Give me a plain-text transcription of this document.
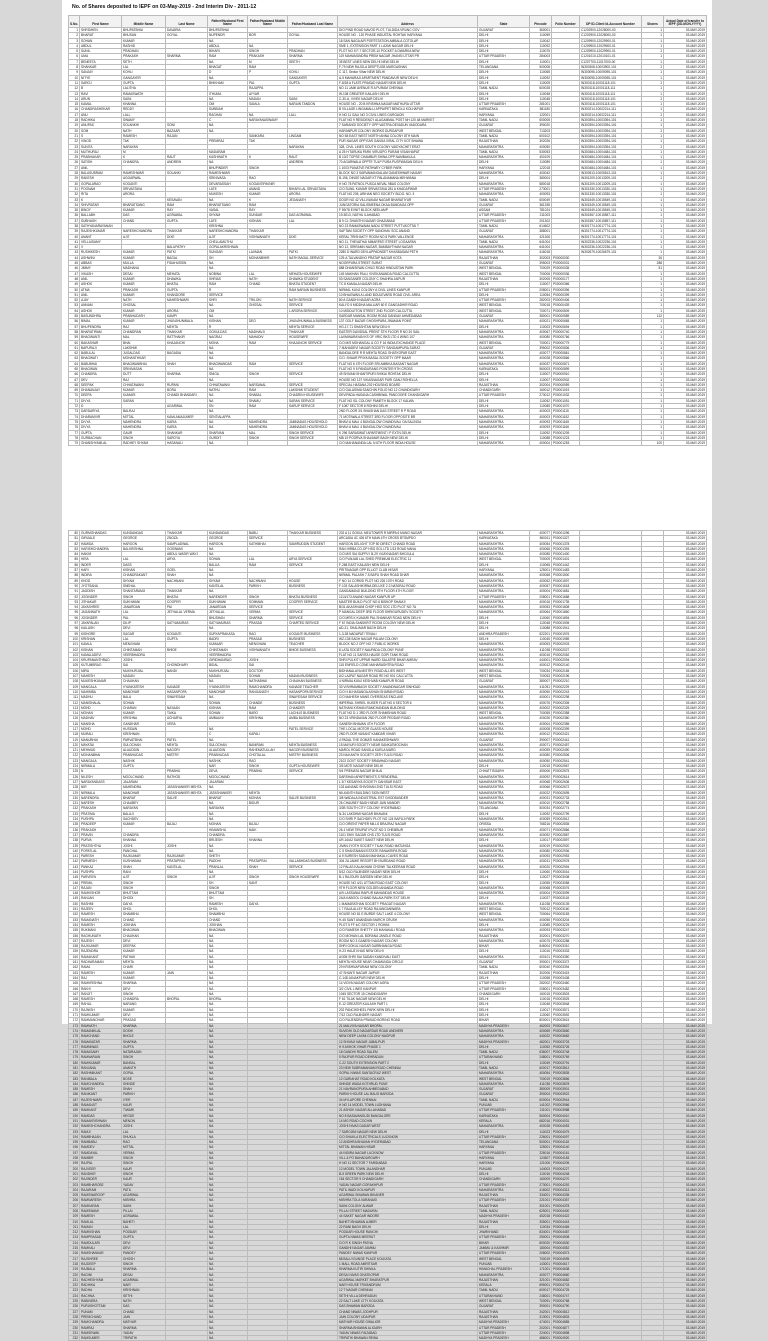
No. of Shares deposited to IEPF on 03-May-2019 - 2nd Interim Div - 2011-12
S.No.	First Name	Middle Name	Last Name	Father/Husband First Name	Father/Husband Middle Name	Father/Husband Last Name	Address	State	Pincode	Folio Number	DP ID-Client Id-Account Number	Shares	Actual Date of transfer to IEPF (DD-MON-YYYY)
1	SHRIDHEN	BHUPATBHAI	DAVARIA	BHUPATBHAI			DIO PIND ROAD NAVOD PLOT, TULDIDA VRUNC GOV	GUJARAT	360001		C1202900-12028000-00	1	03-MAY-2019
2	BHARAT	BHUSAN	GOYAL	NUPENDR	BOR	GOYAL	HOUSE NO - 120 PHASE INDUSTAL ROHTAK HARYANA	DELHI	110059		C1202900-12028000-00	1	03-MAY-2019
3	SOHAN	KUMAR		NA			18 SAN NAGA AIR PORTSTATION AMBALA COTOLAP	DELHI	110042		C1209900-12029900-01	1	03-MAY-2019
4	ABDUL	RASHID		ABDUL	NA		SME 1, EXTENSION PART 1 LAXMI NAGAR DELHI	DELHI	110092		C1209900-12029900-01	1	03-MAY-2019
5	SUNIL	PRADHAN		BIHARI	SINGH	PRADHAN	PLOT NO 5 F-7 SECTOR-10 POCKET A DWARKA NEW	DELHI	110075		C1209900-12029900-01	1	03-MAY-2019
6	UMA	PRAKASH	SHARMA	RAM	PRAKASH	SHARMA	119 MAHAMUNDRA PREM NAGAR JHANSI UTTAR PR	UTTAR PRADESH	284003		C1201010-12010101-01	1	03-MAY-2019
7	BENEETA	SETH		NA	M	SEETH	35 BEST LINES NEW DELHI NEW DELHI	DELHI	110001		C1207700-11017000-00	1	03-MAY-2019
8	SHANKAR	LAL		BHAGAT	RAM		F-79 NEW RAJOLA DEEPTUOB MARGASHAN	TELANGANA	500008		IN300308-10003900-101	1	03-MAY-2019
9	SANJAY	KOHLI		D	P	KOHLI	C 117, Sector Vihar NEW DELHI	DELHI	110065		IN300095-10009095-101	1	03-MAY-2019
10	NITYE	GANGAYER		NA		GANGAYER	A-5 MAHARAJI APARTMENT PANDAVUR NEW DELHI	DELHI	110092		IN300095-10009095-101	1	03-MAY-2019
11	SAROJ	GUPTA		BHIKHAM	PAL	GUPTA	F-8/28 A FLATS PRASAD NAGAR NEW DELHI	DELHI	110005		IN300118-10001118-101	1	03-MAY-2019
12	B	LALITHA			RAJAPPA		NO 11 JAMI AVENUE R A PURAM CHENNAI	TAMIL NADU	600028		IN300118-10001118-111	1	03-MAY-2019
13	RAVI	RAMASWATH		ITHUMA	AYYAR		W-108 GREATER KAILASH DELHI	DELHI	110048		IN300118-10001118-111	1	03-MAY-2019
14	ARUN	SAINI		NA	MADAN	SAINI	C-30-A, VIVEK NAGAR DELHI	DELHI	110048		IN300118-10001118-101	1	03-MAY-2019
15	KAMAL	KHANNA		OM	SAMLA	NARAIN TANDON	HOUSE NO - 20 B KRISHNA NAGAR MATHURA UTTAR	UTTAR PRADESH	281001		IN300118-10001118-101	1	03-MAY-2019
16	CHANDRASHEKAR	REDDY		SUBBIAH			B VILLAGE LINGAMALLI APPAIPET BENGLU KOLHAPUR	KARNATAKA	581180		IN300214-10002214-111	1	03-MAY-2019
17	ANU	LALL		RAGHAV	NA	LALL	H NO 11 GALI NO 3 CIVIL LINES GURGAON	HARYANA	122001		IN300214-10002214-111	1	03-MAY-2019
18	RADHIKA	SWAMY		C	NARAYANASWAMY		FLAT NO 9 RESIDENCY ALAGAMMAL POST NH 120 48 MARKET	TAMIL NADU	600005		IN300394-10003394-101	1	03-MAY-2019
19	ANUPAS	SOLANKHI	SONI	NA			7 SARANGI SOCIETY OPP VASTRA DEVADUN VADODARA	GUJARAT	390020		IN300394-10003394-101	1	03-MAY-2019
20	SOM	NATH	BAZAAR	NA			HARANPUR COLONY WORKS DURGAPUR	WEST BENGAL	713203		IN300394-10003394-101	1	03-MAY-2019
21	S	RAMESH	RAJAN		SANKARA	LINGAM	NO 58 EAST WEST NORTH ANNA COLONY 8TH MAIN	TAMIL NADU	600102		IN300394-10003394-101	1	03-MAY-2019
22	VINOD	TAK		PREMRAJ	TAK		PUR NAGAR OPP EAR GANGA VIRAL CITY KOT BHAWA	RAJASTHAN	302026		IN300394-10003394-101	1	03-MAY-2019
23	SUNITA	NARAYAN				NARAYAN	328, CIVIL LINES SOUTH COLONY VAIDYACHET ERAT	MAHARASHTRA	400050		IN300394-10003394-101	1	03-MAY-2019
24	MUTHURAJ	M		MADARAM			A 25 H TARUKA PARK VIRUGPO PURAM VISAKHAPAT	TAMIL NADU	530053		IN300484-10004484-101	1	03-MAY-2019
25	PRABHAKAR	K	RAUT	KASHINATH	K	RAUT	B 10/2 TOPSE CHAMBUR SHINA OPP NAMBAKULA	MAHARASHTRA	400109		IN300484-10004484-101	1	03-MAY-2019
26	SATISH	CHANDRA	ANDREW	NA		ANDREW	70 AGARWALA OPPTE TULP PURA PUSPWASAN DELHI	DELHI	110089		IN300484-10004484-101	1	03-MAY-2019
27	ANIL			BHUPINDER	SINGH		1 1003 PUNATVE PATHWEY CYBER PARK	HARYANA	122018		IN300484-10004484-101	1	03-MAY-2019
28	BALASUBRAM	RAMESHWAR	SOLANKI	RAMESHWAR			BLOCK NO 3 SARVAMANGALAM GANESHWAR NAGAR	MAHARASHTRA	400042		IN300513-10005513-101	1	03-MAY-2019
29	RAKESH	AGGARWAL		SRINIVASA	RAO		B-196, DINGE NAGAR KT PALANAMANA MEHWANA	DELHI	380004		IN301209-10013209-101	1	03-MAY-2019
30	GOPALARAO	KOGANTI		DEVARASSAH	KOGANTIPAVNIR		H NO 78 PATNOL PUSCA NEVAL 9BAS COLONY	MAHARASHTRA	580018		IN301209-10013209-101	1	03-MAY-2019
31	POONAM	SRIVASTAVA		LATE	ANAND	BIHARI LAL SRIVASTAVA	C/O SUNIL KUMAR SRIVASTAVA 281 A KHADAPWAR	UTTAR PRADESH	273001		IN301330-10013330-101	1	03-MAY-2019
32	RITA	ARORA		MUKESH	KUMAR	ARORA	FLAT NO 205, ARIHAN NEO SOCIETY BLDG. NO. 3	MAHARASHTRA	400093		IN301330-10013330-101	1	03-MAY-2019
33	K		KESAVAN	NA	K	JEGANATH	DOOR NO 42 VILLIVAKAM NAGAR BHARATIYUR	TAMIL NADU	600049		IN301549-10015549-101	1	03-MAY-2019
34	SHIVRATAR	BHARATSANG	RAM	BHARATSANG	RAM		JUNGATORIA SALISMEENA OKAA BUNDAGA OPP	GUJARAT	361335		IN301549-10015549-101	1	03-MAY-2019
35	BINOY	KUMAR	RAY	VASAL	RAY		F 59/78 EVNIT BLOCK NEELAMP	ASSAM	781024		IN301549-10015549-101	1	03-MAY-2019
36	BALLABH	DAS	AGRAWAL	SHYAM	SUNDAR	DAS AGRAWAL	19-5013, NATHU ILAHABAD	UTTAR PRADESH	211003		IN301557-10015557-111	1	03-MAY-2019
37	SUBHASH	CHAND	GUPTA	LATE	KISHAN	LAL	B 9 CL SHANTHI NAGAR GHAZIABAD	UTTAR PRADESH	201302		IN301557-10015557-111	1	03-MAY-2019
38	SATHYANARAYANAN			KRISHNA			NO 23 RAMASWAMA NADU STREET PUTTUKOTTAI T	TAMIL NADU	614602		IN301774-10017774-101	1	03-MAY-2019
39	RAJESHKUMAR	NARESHCHANDRA	THAKKAR	NARESHCHANDRA	THAKKAR		SAFTAM SOCIETY OPP SANGHAV SOC ANAND	GUJARAT	388001		IN301774-10017774-101	1	03-MAY-2019
40	ANANT	AJIT	DIXE	AJIT	VISHWANATH	DIXE	KERAL TRISHAKTY ROOM NO 8 PARK VALLENGE	MAHARASHTRA	421306		IN301774-10017774-101	1	03-MAY-2019
41	VELLAISAMY			CHELLAMUTHU			NO 11, THEVATHAI MMARPATI STREET LOGAAPAN	TAMIL NADU	641004		IN302236-10022236-101	1	03-MAY-2019
42	V		BALUPATHY	GOPALAKRISHNAN			NO 12, SRIRAMN NAGAR, BAMBAYTHAM NAGAR	MAHARASHTRA	641004		IN302236-10022236-101	1	03-MAY-2019
43	RUSHIKESH	KUMAR	PATKI	SUNGAR	LAXMAN	PATKI	2280 D WARD DEVLAPPADNSET KHASBASAM PETH	MAHARASHTRA	416018		IN302679-10026679-101	1	03-MAY-2019
44	ASHWINI	KUMAR	BAGAL	SH	MOHANBIHIR	NATH BAGAL SERVICE	129-A TALVANDHO PRATAP NAGAR KOTA	RAJASTHAN	302003	P00000030		26	03-MAY-2019
45	ABBAS	MULLA	FIDAHUSSIN	NA			NOORPURA STREET SURAT	GUJARAT	395003	P00000031		288	03-MAY-2019
46	JIMMY	MADHANU		NA			888 DHANSEWAI CHILD ROAD HINDUSTAN PARK	WEST BENGAL	700029	P00000035		51	03-MAY-2019
47	VIKASH	DESAI	MEHATA	NOBINA	LAL	MEHATA HOUSEWIFE	149 MAKHAN PALLI VIVEKANANDA ROAD CALCUTTA	WEST BENGAL	700006	P00000036		1	03-MAY-2019
48	ANIL	KUMAR	DHAWKA	SHRIAS	NATH	DHAWKA STUDENT	53 SANGANER COLONY C SHAHRA JAIPUR	RAJASTHAN	302005	P00000177		1	03-MAY-2019
49	ASHOK	KUMAR	BHATIA	RAM	CHAND	BHATIA STUDENT	TC 8 KAMALA NAGAR DELHI	DELHI	110007	P00000366		1	03-MAY-2019
50	ATMA	PRAKASH	GUPTA	R		RAM NARAIN BUSINESS	NIRMAL KUNJ COLONY A CIVIL LINES KANPUR	UTTAR PRADESH	208001	P00000396		1	03-MAY-2019
51	ANIL	KUMAR	KHANDORE	SERVICE			10 BHAGWAN A LAND BOULEVARD ROAD CIVIL AREA	DELHI	110054	P00000399		1	03-MAY-2019
52	AJAY	NATH	MAHESHWARI	SHRI	TRILOKI	NATH SERVICE	80 A GANDHI NAGAR AGRA	UTTAR PRADESH	282003	P00000406		1	03-MAY-2019
53	ANNAM	GHOSAL		NA	GHOSAL	SERVICE	KALYO 5 MIDDHA MALLIAR 60 E GANGADHIR ROAD	WEST BENGAL	700018	P00000439		1	03-MAY-2019
54	ASHOK	KUMAR	ARORA	OM		L ARORA SERVICE	10 MIDDLETON STREET 2ND FLOOR CALCUTTA	WEST BENGAL	700071	P00000509		1	03-MAY-2019
55	BASUNDHRA	PRABHUDATH	KAMPI	NA			SARDAR MANSAL ROOM ROAD DANDAV AHMEDABAD	GUJARAT	380001	P00000589		112	03-MAY-2019
56	BIMAL	KUMAR	JHUNJHUNWALA	KISHAN	DEO	JHUNJHUNWALA BUSINESS	137 GOLF BAZAR GHOSHPARA JINAMAN POINT	MAHARASHTRA	400021	P00000665		1	03-MAY-2019
57	BHUPENDRA	RAJ	MEHTA	R		MEHTA SERVICE	HG-17-71 SHASHTAN NEW DELHI	DELHI	110003	P00000694		1	03-MAY-2019
58	BHARATIRAM	CHANDRAN	THAKKAR	GOKULDAS	MADHAVJI	THAKKAR	EASTER DAVIDSAL PRENT STH FLOOR R NO 20 SAIL	MAHARASHTRA	400067	P00000740		1	03-MAY-2019
59	BHAGWANTI	MAL	RATTHAKIR	NAGRAJ	MAHADIV	HOUSEWIFE	LAXMINARAYAN KS OF VRIC BKS LTD 4 WING 107	MAHARASHTRA	400080	P00000766		1	03-MAY-2019
60	BAKASHAR	BHAI	KHAJANCHI	MOHA	RAM	KHAJANCHI SERVICE	C/O M/S MOHANGAL & CO F 16 INDIA EXCHANGE PLACE	WEST BENGAL	700001	P00000779		1	03-MAY-2019
61	BAPURAJI	LAKSHMI		NA			7 MAHADEVI NAGAR SOCIETY SANGAMPURA SURAT	GUJARAT	395002	P00000836		1	03-MAY-2019
62	BABULAL	JUGALDAS	BAGADIA	NA			BANGALORE R R MEHTA ROAD GHATKOPAR EAST	MAHARASHTRA	400077	P00000861		1	03-MAY-2019
63	BHAGWATI	MOHANTHKAR		NA			C/O. SHAAR PRIYA BASAL SOCIETY OPP MAAR	MAHARASHTRA	400028	P00000866		1	03-MAY-2019
64	BABUBHAI	BHAGWANBHAI	SHAH	BHAGWANDAS	RAM	SERVICE	FLAT NO 6 4TH FLOOR SRI AMBIKA BASANT NAGAR	MAHARASHTRA	400037	P00000871		1	03-MAY-2019
65	BHAGWAN	SRINIVASAN		NA			FLAT NO 9 5 PANDURANG POINTER 9TH CROSS	KARNATAKA	560003	P00000899		1	03-MAY-2019
66	CHANDRA	DUTT	SHARMA	SNIGA	SINGH	SERVICE	49 SHIVAM SHANTIPURI SHIKAI ROHTAK DELHI	DELHI	110007	P00000910		1	03-MAY-2019
67	DEV	RAJ		NA			HOUSE NO 137 VIKASNAGAR PURI GANJ ROHELLA	DELHI	110007	P00000932		1	03-MAY-2019
68	DEEPAK	CHHATAWANI	RUPANI	CHHATAWANI	NARSANAL	SERVICE	SPECIAL HASANA 202 HOUSING BOARD	RAJASTHAN	302004	P00000959		1	03-MAY-2019
69	DHANANJAY	KUMAR	BORA	NATHU	RAM	LAKSHMI STUDENT	C/O GALASIMA SANCHIN FOLIO NO 12 CHANDIGARH	CHANDIGARH	160012	P00001019		1	03-MAY-2019
70	DEEPA	KUMARI	CHANDI BHANDARI	NA	SHABAL	CHADRIN HOUSEWIFE	DEVIPADA HASANA CASHBIWAL PANCOORE CHANDIGARH	UTTAR PRADESH	273012	P00001032		1	03-MAY-2019
71	DIVYA	SARAN		NA	SHAMU	SARAN SERVICE	FLAT NO ISL COLONY PAMETH BLOCK 17 KALWA	DELHI	110052	P00001051		1	03-MAY-2019
72	D		AGARWAL	SN	RAM	SARUP SERVICE	F 1087 SECTOR 8 ROHINI DELHI	DELHI	110085	P00001070		1	03-MAY-2019
73	DARDARIYA	BALRAJ		NA			2ND FLOOR 3/1 BHUSHAN DAS STREET R P ROAD	MAHARASHTRA	400003	P00001115		1	03-MAY-2019
74	DHARAMVIR	MITTAL	KAMLAMAJUMER	SENTIALAPPA			71 MOTIWALA STREET 3RD FLOOR OPPOSITE BR	MAHARASHTRA	400003	P00001152		1	03-MAY-2019
75	DIVYA	MAHENDRA	KARIA	NA	MAHENDRA	JAMNADAS HOUSEHOLD	BHAVI A MALI 4 BUNGALOW CHANDIVALI OA SALINOA	MAHARASHTRA	400093	P00001165		1	03-MAY-2019
76	DIVYA	MAHENDRA	KARIA	NA	MAHENDRA	JAMNADAS HOUSEHOLD	BHAVI A MALI 4 BUNGALOW CHANDIVALI	MAHARASHTRA	400093	P00001166		1	03-MAY-2019
77	GUPTA	GAUR	SHANKAR	SHARVAN	MAL	SINGH SERVICE	K 296 SARASWATI APARTMENT I P EXTN DELHI	DELHI	110092	P00001209		1	03-MAY-2019
78	GURBACHAN	SINGH	SAROYA	GURDIT	SINGH	SINGH SERVICE	MB 19 POORVA SHALIMAR BAGH NEW DELHI	DELHI	110088	P00001223		1	03-MAY-2019
79	GHANSHYAMLAL	RADHEY SHYAM	HASANALI	NA			C/O MAHANANDA LAL N 6TH FLOOR INDIA HOUSE	MAHARASHTRA	400004	P00001253		100	03-MAY-2019
80	GURMOHANDAS	KUNDANDAS	THAKKAR	KUNDANDAS	BABU	THAKKAR BUSINESS	202 A 11 GOKUL MEUTOWER R MIRPA 6 MANG NAGAR	MAHARASHTRA	400077	P00001296			03-MAY-2019
81	GIRIJALE	GEORGE	ZNOZA	GEORGE	SERVICE		ARCADIA 4C 426 6TH MAIN 4TH CROSS BTSMPDO	KARNATAKA	560011	P00001327			03-MAY-2019
82	HAMIDA	HAROON	SAMPLADWAL	HAROON	KATHIBHAI	SAMIRUDDIN STUDENT	HAROON DELIGHT TOP 50 DIRECT CHANDI ROAD	MAHARASHTRA	400054	P00001378			03-MAY-2019
83	HARISHCHANDRA	BALKRISHNA	GOSWAMI	NA			RAN HIRBA CO-OP HSG SOL LTD 1/13 ROAD NANA	MAHARASHTRA	400066	P00001393			03-MAY-2019
84	HAKIM		ABDUL WASIR WAYJ	NA			C/O M/S SIA SUPPLY B-29 VIJAYNAGAR BHOJULA	MAHARASHTRA	400085	P00001400			03-MAY-2019
85	HIRA	LAL	ARYA	SOHAN	LAL	ARYA SERVICE	C/O PUNJAB LAL SHED PREMIUM ELECTRIC 11	WEST BENGAL	700005	P00001401			03-MAY-2019
86	INDER	DASS		BALUA	RAM	SERVICE	F-268 EAST KAILASH NEW DELHI	DELHI	110065	P00001442			03-MAY-2019
87	HARI	KISHAN	GOEL	NA			PRITINAGAR OPP ELLIOT CLUB HISAR	HARYANA	125001	P00001483			03-MAY-2019
88	INDIRA	CHANDRAKANT	SHAH	NA			NIRMAL PALASH 7-5 BAPU SHAH ROAD DHAR	MAHARASHTRA	400068	P00001500			03-MAY-2019
89	KHOD	SHYAM	NACHNANI	SHYAM	NACHNANI	HOUSE	F NO 14 CORKSI PLOT NO 226 10TH ROAD	MAHARASHTRA	400052	P00001597			03-MAY-2019
90	JYOTSANA	SNEHAL		KANTILAL	PARIKH	BUSINESS	F-103 SALASHIKIRNA DELUXE 2-3 NATARAJ ROAD	MAHARASHTRA	400057	P00001618			03-MAY-2019
91	JAGDISH	SHANTARAMJI	THAKKAR	NA			GANGAMANJI BUILDING 9TH FLOOR 4TH FLOOR	MAHARASHTRA	400004	P00001681			03-MAY-2019
92	JOGINDER	SINGH	BHATIA	NARENDER	SINGH	BHATIA BUSINESS	1114/173 ANAND NAGAR KANPUR UP	UTTAR PRADESH	208001	P00001688			03-MAY-2019
93	JITHAKAR	SUKHWANI	COOPER	SUKHWANI	SOMMAN	COOPER SERVICE	MASTER BUILD PLOT NO 6 BISHOP SHAMJI	MAHARASHTRA	400016	P00001735			03-MAY-2019
94	JAYASHREE	JANARDAN	PAI	JANARDAN	SERVICE		B/31 AKASHVANI CHOP HSG SOC LTD PLOT NO 7A	MAHARASHTRA	400053	P00001808			03-MAY-2019
95	JAGANNATH	LAL	JETHALAL VERMA	JETHALAL	VERMA	SERVICE	P MANGAL DEEP 3RD FLOOR SHRIGURUDEV SOCIETY	MAHARASHTRA	400064	P00001860			03-MAY-2019
96	JOGINDER	PAL		BHUSHAN	SHARMA	SERVICE	C/O MRS K KUMARI PAL SHANKAR ROAD NEW DELHI	DELHI	110060	P00001894			03-MAY-2019
97	JAYAPALAN	DILIP	SATYAMURAS	SATYAMURAS	PRASAD	CHARTED SERVICE	F 67 INDIA SANSKRIT ROOM COLONY NEW DELHI	DELHI	110048	P00001905			03-MAY-2019
98	KAILASH	DEVI		NA			AD-21, SHALIMAR BAGH DELHI	DELHI	110088	P00001941			03-MAY-2019
99	KISHORE	SAGAR	KOGANTI	SURYAPRAKASA	RAO	KOGANTI BUSINESS	1-3-38 NADAPATI TENALI	ANDHRA PRADESH	522201	P00001976			03-MAY-2019
100	KRISHAN	LAL	GUPTA	BADRI	PRASAD	BUSINESS	WZ-138 SADH NAGAR PALAM COLONY	DELHI	110045	P00001989			03-MAY-2019
101	KAMLA	MENGHANI		KUMAAR	MENGHANI	TEACHER	BLOCK NO 2 OFF NO 7 PUBLIC WORKS	MAHARASHTRA	400053	P00002003			03-MAY-2019
102	KISHAN	CHINTAMAN	BHIDE	CHINTAMAN	VISHWANATH	BHIDE BUSINESS	8 LATA SOCIETY NAUPADA COLONY PUNE	MAHARASHTRA	411038	P00002027			03-MAY-2019
103	KAMALADEVI	VEERBHADRA		VEERBHADRA			FLAT NO 11 SARITA HAUSE GOPI TANK ROAD	MAHARASHTRA	400016	P00002062			03-MAY-2019
104	KRUPANANTHRAO	JOSHI		GIRIDHANRAO	JOSHI		SHRI PULKIT UPPAR WARD SALATRE BHAR AMRAV	MAHARASHTRA	444001	P00002094			03-MAY-2019
105	KUTUMBRAO	SAI	CHOWDHARY	BIDAL	SAI		115 ENFIELD CONE MAHARASHTRA ROAD	MAHARASHTRA	400012	P00002140			03-MAY-2019
106	MIRA	MUKHURJIAL	NANDI	MUKHURJIAL	DOCTOR		BIDHANALAYA MISTRY ROAD ALLIES WEST	WEST BENGAL	700034	P00002165			03-MAY-2019
107	MAHESH	MADAN		MADAN	SOHAN	MADAN BUSINESS	A/2 LAJPAT NAGAR ROAD RE NO 501 CALCUTTA	WEST BENGAL	700053	P00002196			03-MAY-2019
108	MUKESHKUMAR	CHAUHAN		NA	NATHABHAI	CHAUHAN BUSINESS	4 NIRMALKUNJ KESHVAB KANAPUR ROAD	GUJARAT	380007	P00002210			03-MAY-2019
109	MANGALA	VYANKATESH	KANADE	VYANKATESH	RAMCHANDRA	KANADE TEACHER	33 VISHRAMBAGH SOCIETY ANANDNAGAR SINHGAD	MAHARASHTRA	411051	P00002229			03-MAY-2019
110	MAHIMBA	MANOHAR	HASANPOPA	MANOHAR	RANGANATH	HASANPOPA SERVICE	C/O H.M.HASANOA ASHAN SHARAN ROAD	MAHARASHTRA	400050	P00002243			03-MAY-2019
111	MADHU	BALA	SWAYESAM	NA		SWAYESAM SERVICE	C/O MAHESH MANS OVERSEAS ENCLAVE	MAHARASHTRA	400001	P00002298			03-MAY-2019
112	MANISHALAL	SOHAN		SOHAN	CHANDE	BUSINESS	IMPERIAL SHRIEL HUSER FLAT NO 6 SECTOR 6	MAHARASHTRA	400076	P00002305			03-MAY-2019
113	MOHD	CHARAN	NAYAAN	KISHAN	RAM	CHANDER	NATHANI KISHAN RAMCHANDAN BUILDING	MAHARASHTRA	400002	P00002325			03-MAY-2019
114	MOHAN	KUMAR	TAIKA	SOHAN	BARO	LACHLIS BUSINESS	FLAT NO D-1 3RD FLOOR SHAMSHAN ROAD	WEST BENGAL	700055	P00002358			03-MAY-2019
115	MADHAV	KRISHNA	ACHARYA	AMBAUNI	KRISHNA	AMBA BUSINESS	NO 23 VRINDAVAN 2ND FLOOR PEDDAR ROAD	MAHARASHTRA	400026	P00002380			03-MAY-2019
116	MANSHA	GANDHAR	VERA				GANESH BHAVAN 4TH FLOOR	MAHARASHTRA	400004	P00002385			03-MAY-2019
117	MOHD	HUSSAIN		NA		PATEL SERVICE	THE LOCAL MOTOR GLASS HOUSE	MAHARASHTRA	400008	P00002399			03-MAY-2019
118	MURALI	KRISHNAN		C	KAPALI		2ND FLOOR VASANT KAMDAR VIHAR	MAHARASHTRA	400012	P00002421			03-MAY-2019
119	MANUBHAI	PARVATBHAI	PATEL	NA			4 PADAL THE GOMATI KANAKESHWARI	GUJARAT	390007	P00002441			03-MAY-2019
120	MAYATAI	SULOCHAN	MEHTA	SULOCHAN	BANIRAM	MEHTA BUSINESS	15 MAYURI SOCIETY NEAR SANKATMOCHAN	MAHARASHTRA	400071	P00002457			03-MAY-2019
121	MEHMUD	ALAUDDIN	NAGORI	ALAUDDIN	RAHEMATULLAH	NAGORI BUSINESS	MAROL ROAD SANGLA KURLA MARG	MAHARASHTRA	400059	P00002490			03-MAY-2019
122	MOHANBHAI	PRABHUDAS	MISTRY	PRABHUDAS	CHOTALAL	MISTRY BUSINESS	23 NILKANTH SOCIETY 25TH TULSI ROAD	MAHARASHTRA	400080	P00002506			03-MAY-2019
123	MANGALA	NASHIK		NASHIK	RAO		2102 GOVT SOCIETY BRAMHADI NAGAR	MAHARASHTRA	400050	P00002541			03-MAY-2019
124	NIRMALA	GUPTA		NAR	SINGH	GUPTA HOUSEWIFE	3/5 MOTI NAGAR NEW DELHI	DELHI	110015	P00002567			03-MAY-2019
125	N		PRABHU	DEVA	PRABHU	SERVICE	9/4 PREMATA NAGAR BHILAI	CHHATTISGARH	490006	P00002575			03-MAY-2019
126	NILESH	MOOLCHAND	RATHOD	MOOLCHAND			DARSHAN APARTMENTS S RENDERAL	MAHARASHTRA	400092	P00002614			03-MAY-2019
127	NARAYANDASS	JALARAM		JALARAM			L 3/7 KESARIYA SOCIETY DAHISAR EAST	MAHARASHTRA	400068	P00002636			03-MAY-2019
128	NIR	MAHENDRA	JATASHANKER MEHTA	NA			103 AANAND SHIVDHAN 2ND TULSI ROAD	MAHARASHTRA	400066	P00002672			03-MAY-2019
129	NIRMALA	MANOHAR	JATASHANKER MEHTA	JATASHANKER	MEHTA		NILKANTH BUILDING SION WEST	MAHARASHTRA	400022	P00002695			03-MAY-2019
130	NARENDRA	BHARAT	SALVE	BHARAT	MOHAN	SALVE BUSINESS	3/8 WADALA INDUSTRIAL EST GHODBUNDER	MAHARASHTRA	400031	P00002733			03-MAY-2019
131	NARESH	CHAUBEY		NA	BIDUR		26 CHAUBEY BAGH NEAR JAIN MANDIR	MAHARASHTRA	400010	P00002758			03-MAY-2019
132	PRAKASH	NARAYAN		NARAYAN			3/2B SOUTH CITY COLONY HYDERABAD	TELANGANA	500034	P00002774			03-MAY-2019
133	PRATIMA	BALAJI		NA			N-34 LAKSHMI NAGAR BHAVANI	DELHI	110092	P00002799			03-MAY-2019
134	PUSHPA	SACHDEV		NA			C/O SHRI P SACHDEV PLOT NO 124 BAPUJI PARK	MAHARASHTRA	400059	P00002812			03-MAY-2019
135	PRADEEP	KUMAR	BAJAJ	MOHAN	BAJAJ		C/O ORIENT PAPER MILLS BRAJRAJ NAGAR	ORISSA	768216	P00002835			03-MAY-2019
136	PRAKASH			HIMANSHU	NAIK		26-1 NEW TIRUPATI PLOT NO 3 CHEMBUR	MAHARASHTRA	400071	P00002866			03-MAY-2019
137	PRAVIN	CHANDRA		CHANDRA			1101 SHIV SAGAR CHS LTD TULSI ROAD	MAHARASHTRA	400092	P00002887			03-MAY-2019
138	PURVA	KHANNA		BRIJESH	KHANNA		UR-16/A2 SAKET SAKET NEW DELHI	DELHI	110017	P00002897			03-MAY-2019
139	PRATISHTHA	JOSHI	JOSHI	NA			JIVAN JYOTH SOCIETY TILAK ROAD MATUNGA	MAHARASHTRA	400019	P00002920			03-MAY-2019
140	POPATLAL	PANCHAL		NA			C 5 SHANTAMANI ESTATE RANAKRIPA ROAD	MAHARASHTRA	400080	P00002936			03-MAY-2019
141	PARESH	RAJKUMAR	RAJKUMAR	SHETH			A 9 SURESH SADAN MAHAKALI CAVES ROAD	MAHARASHTRA	400093	P00002953			03-MAY-2019
142	PARMESH	KUSHWAHA	PRATAPRAI	PADDHI	PRATAPRAI	VALLABHDAS BUSINESS	304 2A JAMIE RESORT BH BURDANG ROAD	MAHARASHTRA	400031	P00002978			03-MAY-2019
143	PANKAJ	SHAH	KANTILAL	PRANLAL	SHAH	SERVICE	12 PALAS KALAKHANI CHOWK TALKEERAM ROAD	MAHARASHTRA	400020	P00002994			03-MAY-2019
144	PUSHPA	RANI		NA			5/12 OLD RAJINDER NAGAR NEW DELHI	DELHI	110060	P00003016			03-MAY-2019
145	PARVEEN	AJIT	SINGH	AJIT	SINGH	SINGH HOUSEWIFE	B-1 RAJOURI GARDEN NEW DELHI	DELHI	110027	P00003038			03-MAY-2019
146	PREMIL	SINGH		SH	SANT		HOUSE NO 4/11 UTTAM ROAD EAST COLONY	DELHI	110055	P00003058			03-MAY-2019
147	RAJAN	SINGH		SINGH			9TH FLOOR NEW GOLDEN ANANDA ROAD	MAHARASHTRA	400068	P00003076			03-MAY-2019
148	RAMKISHOR	BHUTTAM		BHUTTAM			A/9 LASSANIA RAIPUR MAHANDAS HOUSE	MAHARASHTRA	400004	P00003099			03-MAY-2019
149	RANJAN	DHODI		SH			24/A KABOOL CHAND BALAIA PARK EXT DELHI	DELHI	110027	P00003118			03-MAY-2019
150	RASHMI	DAIYA		RAMESH	DAIYA		1 MAMARATHAN SOCIETY PRAGATI NAGAR	MAHARASHTRA	411038	P00003139			03-MAY-2019
151	RAJEEV	DHOL		DHOL			1 7 RAJA ALLEY ROAD RAJANGANWARA	WEST BENGAL	700012	P00003160			03-MAY-2019
152	RAMESH	SHAMBHU		SHAMBHU			HOUSE NO 81 E BURDE SALT LAKE 4 COLONY	WEST BENGAL	700064	P00003183			03-MAY-2019
153	RAMANATH	CHAND		CHAND			H-45 SANT ANANDIAN MARCH CRUSH	MAHARASHTRA	400055	P00003204			03-MAY-2019
154	RAMESH	JOKHAN		JOKHAN			PLOT 5 FF 4/C SECTOR 1 ROHINI	DELHI	110085	P00003225			03-MAY-2019
155	RUKMANI	BHAGWAN		BHAGWAN			C/O RAMESH SHETTY 1/5 MAHAKALI ROAD	MAHARASHTRA	400093	P00003247			03-MAY-2019
156	RAGHUNATH	CHAUHAN		NA			C/O MOHAN LAL BORANA JANGLE ROAD	RAJASTHAN	302001	P00003270			03-MAY-2019
157	RAJESH	DEVI		NA			ROOM NO 3 GANESH NAGAR COLONY	MAHARASHTRA	400075	P00003288			03-MAY-2019
158	RAJKUMAR	DEEPAK		NA			SHRI GOKUL NAGAR DARBHANGA ROAD	BIHAR	846004	P00003310			03-MAY-2019
159	RAJENDRA	KUMAR		NA			H-23 HAUZ KHAS NEW DELHI	DELHI	110016	P00003333			03-MAY-2019
160	RAMAKANT	PATHAK		NA			A/305 SHRI SAI SADAN KANDIVALI EAST	MAHARASHTRA	400101	P00003350			03-MAY-2019
161	RADHARAMAN	MEHTA		NA			MEHTA HOUSE NEAR CHAMUNDA CIRCLE	GUJARAT	390001	P00003372			03-MAY-2019
162	RAMA	CHARI		NA			29 KRISHNAPURAM NEW COLONY	TAMIL NADU	600040	P00003394			03-MAY-2019
163	RAMESH	KUMAR	JAIN	NA			47 SHANTI NAGAR JAIPUR	RAJASTHAN	302006	P00003415			03-MAY-2019
164	RAJ	KUMAR		NA			C-148 JANAKPURI NEW DELHI	DELHI	110058	P00003438			03-MAY-2019
165	RAMKRISHNA	SHARMA		NA			14 VIDYA NAGAR COLONY AGRA	UTTAR PRADESH	282002	P00003460			03-MAY-2019
166	RAKHI	DEVI		NA			3/2 CIVIL LINES KANPUR	UTTAR PRADESH	208001	P00003482			03-MAY-2019
167	RANJIT	SINGH		NA			1045 SECTOR 15 CHANDIGARH	CHANDIGARH	160015	P00003503			03-MAY-2019
168	RAMESH	CHANDRA	BHOPAL	BHOPAL			F 61 TILAK NAGAR NEW DELHI	DELHI	110018	P00003525			03-MAY-2019
169	RAHUL	NARANG		NA			E-12 GREATER KAILASH PART 1	DELHI	110048	P00003548			03-MAY-2019
170	RAJNISH	KUMAR		NA			202 PANCHSHEEL PARK NEW DELHI	DELHI	110017	P00003571			03-MAY-2019
171	RAMKUMAR	DEVI		NA			7/12 OLD RAJINDER NAGAR	DELHI	110060	P00003592			03-MAY-2019
172	RAMMANOHAR	PRASAD		NA			C/O RAJENDRA PRASAD BORING ROAD	BIHAR	800001	P00003615			03-MAY-2019
173	RAMNATH	SHARMA		NA			21 MALVIYA NAGAR BHOPAL	MADHYA PRADESH	462003	P00003637			03-MAY-2019
174	RAMANIKLAL	DOSHI		NA			SUVIDHI OLD NAGARDAS ROAD ANDHERI	MAHARASHTRA	400069	P00003660			03-MAY-2019
175	RAMCHAND	BHOLE		NA			NEW DEEP LAXMI COLONY NAGPUR	MAHARASHTRA	440022	P00003682			03-MAY-2019
176	RAMAVATAR	SHARMA		NA			12 SHIVAJI NAGAR JABALPUR	MADHYA PRADESH	482001	P00003703			03-MAY-2019
177	RAMNIWAS	GUPTA		NA			H 9 ASHOK VIHAR PHASE 1	DELHI	110052	P00003726			03-MAY-2019
178	RAMASAMY	NATARAJAN		NA			18 GANDHI ROAD SALEM	TAMIL NADU	636007	P00003748			03-MAY-2019
179	RAMNARAIN	SINGH		NA			5 RAJPUR ROAD DEHRADUN	UTTARAKHAND	248001	P00003769			03-MAY-2019
180	RAMIKUMAR	BANSAL		NA			C-22 SOUTH EXTENSION PART 2	DELHI	110049	P00003791			03-MAY-2019
181	RANJANA	ANANTH		NA			23 NEW SUBRAMANIAM ROAD CHENNAI	TAMIL NADU	600017	P00003812			03-MAY-2019
182	RASHMIKANT	GOPAL		NA			GOPAL NIWAS SANTACRUZ WEST	MAHARASHTRA	400054	P00003835			03-MAY-2019
183	RANIBALA	BOSE		NA			12 GARIAHAT ROAD KOLKATA	WEST BENGAL	700019	P00003856			03-MAY-2019
184	RAMCHANDRA	SHINDE		NA			SHINDE WADA KOTHRUD PUNE	MAHARASHTRA	411038	P00003878			03-MAY-2019
185	RAMESH	SHAH		NA			21 NAVRANGPURA AHMEDABAD	GUJARAT	380009	P00003901			03-MAY-2019
186	RANIKANT	PARIKH		NA			PARIKH HOUSE LAL BAUG BARODA	GUJARAT	390004	P00003922			03-MAY-2019
187	RAJESHWARI	IYER		NA			34 MYLAPORE CHENNAI	TAMIL NADU	600004	P00003944			03-MAY-2019
188	RAMANJIT	KAUR		NA			H NO 14 MODEL TOWN LUDHIANA	PUNJAB	141002	P00003966			03-MAY-2019
189	RAMKANT	TIWARI		NA			21 ASHOK NAGAR ALLAHABAD	UTTAR PRADESH	211001	P00003988			03-MAY-2019
190	RAMDAS	HEGDE		NA			NO 8 BASAVANGUDI BANGALORE	KARNATAKA	560004	P00004010			03-MAY-2019
191	RAMAKRISHNAN	MENON		NA			14 MG ROAD COCHIN	KERALA	682016	P00004031			03-MAY-2019
192	RAMESHCHANDRA	JOSHI		NA			JOSHI NIVAS DADAR WEST	MAHARASHTRA	400028	P00004053			03-MAY-2019
193	RAMJI	LAL		NA			7 SAROJINI NAGAR NEW DELHI	DELHI	110023	P00004075			03-MAY-2019
194	RAMBHAJAN	SHUKLA		NA			C/O SHUKLA ELECTRICALS LUCKNOW	UTTAR PRADESH	226001	P00004097			03-MAY-2019
195	RAMBABU	RAO		NA			12 ANDHRA BHAVAN HYDERABAD	TELANGANA	500001	P00004118			03-MAY-2019
196	RAMDEV	MITTAL		NA			MITTAL BHAWAN HISAR	HARYANA	125001	P00004140			03-MAY-2019
197	RAMDAYAL	VERMA		NA			44 INDIRA NAGAR LUCKNOW	UTTAR PRADESH	226016	P00004161			03-MAY-2019
198	RAMBIR	SINGH		NA			VILL & PO BAHADURGARH	HARYANA	124507	P00004183			03-MAY-2019
199	RAJPAL	SINGH		NA			H NO 11 SECTOR 7 FARIDABAD	HARYANA	121006	P00004205			03-MAY-2019
200	RAJVEER	KAUR		NA			12 MODEL TOWN JALANDHAR	PUNJAB	144003	P00004227			03-MAY-2019
201	RANDHIR	SINGH		NA			B-5 GREEN PARK NEW DELHI	DELHI	110016	P00004248			03-MAY-2019
202	RAJINDER	KAUR		NA			154 SECTOR 9 CHANDIGARH	CHANDIGARH	160009	P00004270			03-MAY-2019
203	RAMBHAROSE	YADAV		NA			YADAV NAGAR GORAKHPUR	UTTAR PRADESH	273001	P00004292			03-MAY-2019
204	RAJARAM	PATIL		NA			PATIL WADI KOLHAPUR	MAHARASHTRA	416002	P00004313			03-MAY-2019
205	RAMSWAROOP	AGARWAL		NA			AGARWAL BHAWAN BIKANER	RAJASTHAN	334001	P00004335			03-MAY-2019
206	RAMNARESH	MISHRA		NA			MISHRA TOLA VARANASI	UTTAR PRADESH	221001	P00004357			03-MAY-2019
207	RAMKARAN	SAINI		NA			SAINI COLONY ALWAR	RAJASTHAN	301001	P00004378			03-MAY-2019
208	RAMSWAMI	PILLAI		NA			PILLAI STREET MADURAI	TAMIL NADU	625001	P00004400			03-MAY-2019
209	RAMESH	AGRAWAL		NA			44 SAKET NAGAR INDORE	MADHYA PRADESH	452018	P00004422			03-MAY-2019
210	RAMLAL	BAHETI		NA			BAHETI BHAWAN AJMER	RAJASTHAN	305001	P00004443			03-MAY-2019
211	RAMAN	LAL		NA			22 RANI BAGH DELHI	DELHI	110034	P00004465			03-MAY-2019
212	RAMKISHAN	PODDAR		NA			PODDAR HOUSE RANCHI	JHARKHAND	834001	P00004487			03-MAY-2019
213	RAMPRASAD	GUPTA		NA			GUPTA NIWAS MEERUT	UTTAR PRADESH	250001	P00004508			03-MAY-2019
214	RAMDULARI	DEVI		NA			C/O R K SINGH PATNA	BIHAR	800020	P00004530			03-MAY-2019
215	RAMKALI	DEVI		NA			GANDHI NAGAR JAMMU	JAMMU & KASHMIR	180004	P00004552			03-MAY-2019
216	RAMSHANKAR	PANDEY		NA			PANDEY NIWAS KANPUR	UTTAR PRADESH	208002	P00004573			03-MAY-2019
217	RAJSHREE	GHOSH		NA			88 BALLYGUNGE PLACE KOLKATA	WEST BENGAL	700019	P00004595			03-MAY-2019
218	RAJDEEP	SINGH		NA			1 MALL ROAD AMRITSAR	PUNJAB	143001	P00004617			03-MAY-2019
219	RAJBALA	SHARMA		NA			SHARMA KUTIR SHIMLA	HIMACHAL PRADESH	171001	P00004638			03-MAY-2019
220	RAGINI	DESAI		NA			DESAI NIVAS GHATKOPAR	MAHARASHTRA	400077	P00004660			03-MAY-2019
221	RADHESHYAM	AGARWAL		NA			AGARWAL MARKET BHARATPUR	RAJASTHAN	321001	P00004682			03-MAY-2019
222	RADHIKA	NAIR		NA			NAIR HOUSE TRIVANDRUM	KERALA	695001	P00004703			03-MAY-2019
223	RADHA	KRISHNAN		NA			12 T NAGAR CHENNAI	TAMIL NADU	600017	P00004725			03-MAY-2019
224	RACHNA	SETHI		NA			SETHI VILLA DEHRADUN	UTTARAKHAND	248001	P00004747			03-MAY-2019
225	RABINDRA	NATH		NA			22 SALT LAKE CITY KOLKATA	WEST BENGAL	700091	P00004768			03-MAY-2019
226	PURUSHOTTAM	DAS		NA			DAS BHAWAN BARODA	GUJARAT	390001	P00004790			03-MAY-2019
227	PUNAM	CHAND		NA			CHAND NIWAS JODHPUR	RAJASTHAN	342001	P00004812			03-MAY-2019
228	PREMCHAND	JAIN		NA			JAIN COLONY UDAIPUR	RAJASTHAN	313001	P00004833			03-MAY-2019
229	RAMCHANDRA	MATHUR		NA			MATHUR HOUSE GWALIOR	MADHYA PRADESH	474001	P00004855			03-MAY-2019
230	RAMRAJ	SHARMA		NA			SHARMA BHAWAN ALIGARH	UTTAR PRADESH	202001	P00004877			03-MAY-2019
231	RAMSEWAK	YADAV		NA			YADAV NIWAS FAIZABAD	UTTAR PRADESH	224001	P00004898			03-MAY-2019
232	RAMSUMER	TRIPATHI		NA			TRIPATHI BHAWAN REWA	MADHYA PRADESH	486001	P00004920			03-MAY-2019
